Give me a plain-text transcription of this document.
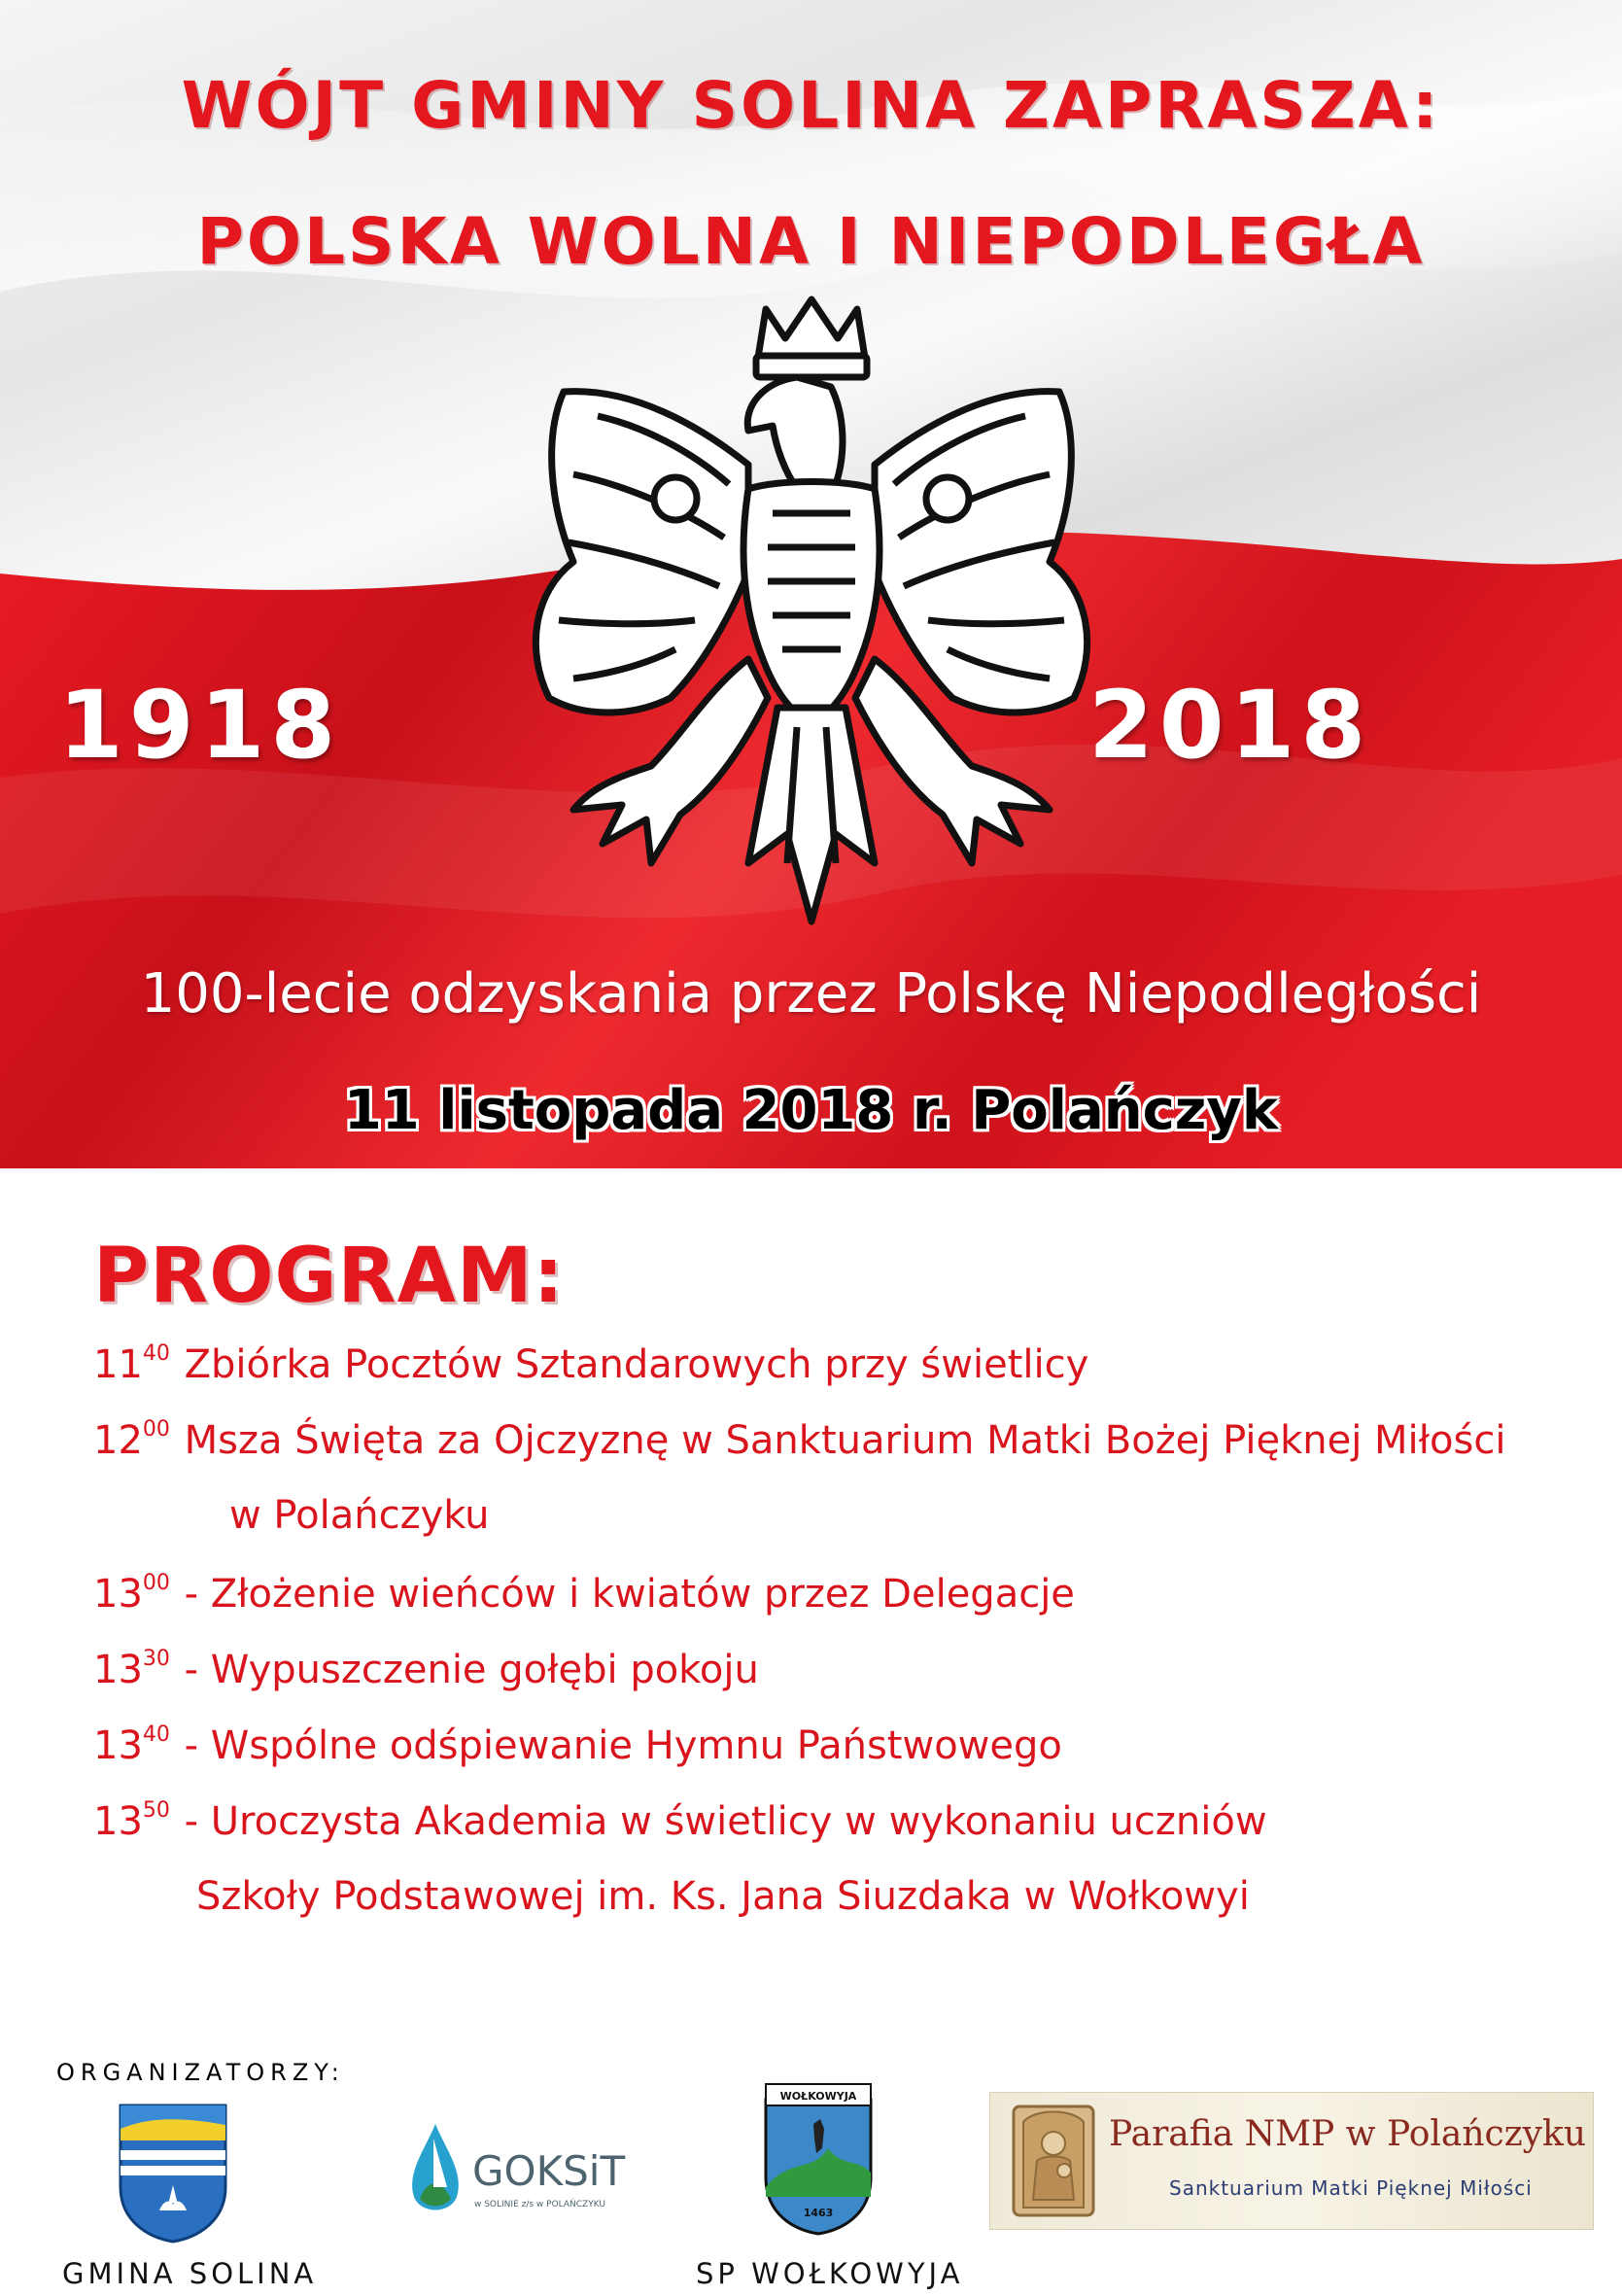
WÓJT GMINY SOLINA ZAPRASZA:
POLSKA WOLNA I NIEPODLEGŁA
1918	2018
100-lecie odzyskania przez Polskę Niepodległości
11 listopada 2018 r. Polańczyk
PROGRAM:
$11^{40}$ Zbiórka Pocztów Sztandarowych przy świetlicy
$12^{00}$ Msza Święta za Ojczyznę w Sanktuarium Matki Bożej Pięknej Miłości
w Polańczyku
$13^{00}$ - Złożenie wieńców i kwiatów przez Delegacje
$13^{30}$ - Wypuszczenie gołębi pokoju
$13^{40}$ - Wspólne odśpiewanie Hymnu Państwowego
$13^{50}$ - Uroczysta Akademia w świetlicy w wykonaniu uczniów
Szkoły Podstawowej im. Ks. Jana Siuzdaka w Wołkowyi
ORGANIZATORZY:
GMINA SOLINA
GOKSiT
w SOLINIE z/s w POLAŃCZYKU
WOŁKOWYJA
1463
SP WOŁKOWYJA
Parafia NMP w Polańczyku
Sanktuarium Matki Pięknej Miłości
